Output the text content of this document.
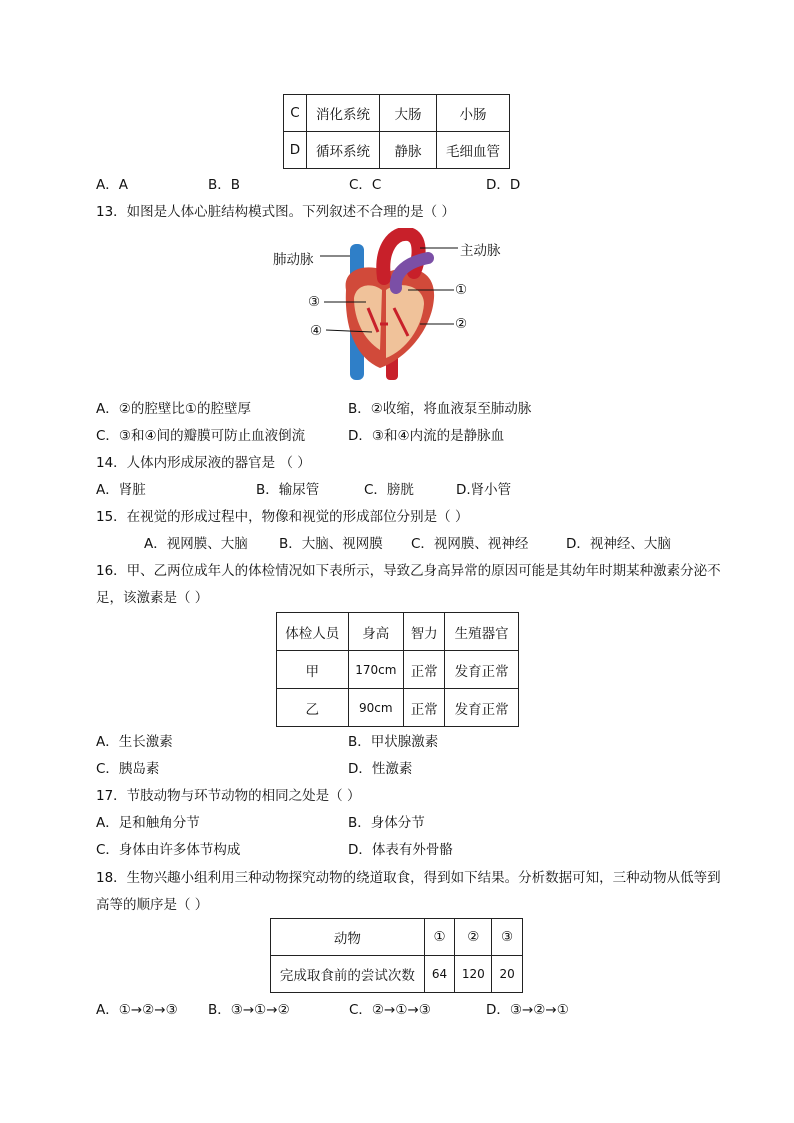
C	消化系统	大肠	小肠
D	循环系统	静脉	毛细血管
A．A	B．B	C．C	D．D
13．如图是人体心脏结构模式图。下列叙述不合理的是（ ）
肺动脉
主动脉
①
②
③
④
A．②的腔壁比①的腔壁厚	B．②收缩，将血液泵至肺动脉
C．③和④间的瓣膜可防止血液倒流	D．③和④内流的是静脉血
14．人体内形成尿液的器官是 （ ）
A．肾脏	B．输尿管	C．膀胱	D.肾小管
15．在视觉的形成过程中，物像和视觉的形成部位分别是（ ）
A．视网膜、大脑 B．大脑、视网膜 C．视网膜、视神经	D．视神经、大脑
16．甲、乙两位成年人的体检情况如下表所示，导致乙身高异常的原因可能是其幼年时期某种激素分泌不
足，该激素是（ ）
体检人员	身高	智力	生殖器官
甲	170cm	正常	发育正常
乙	90cm	正常	发育正常
A．生长激素	B．甲状腺激素
C．胰岛素	D．性激素
17．节肢动物与环节动物的相同之处是（ ）
A．足和触角分节	B．身体分节
C．身体由许多体节构成	D．体表有外骨骼
18．生物兴趣小组利用三种动物探究动物的绕道取食，得到如下结果。分析数据可知，三种动物从低等到
高等的顺序是（ ）
动物	①	②	③
完成取食前的尝试次数	64	120	20
A．①→②→③ B．③→①→②	C．②→①→③	D．③→②→①
